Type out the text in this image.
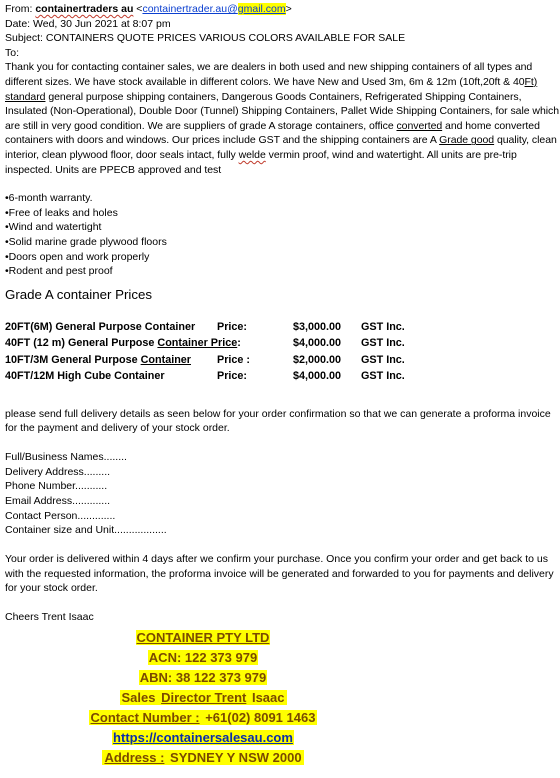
From: containertraders au <containertrader.au@gmail.com>
Date: Wed, 30 Jun 2021 at 8:07 pm
Subject: CONTAINERS QUOTE PRICES VARIOUS COLORS AVAILABLE FOR SALE
To:

Thank you for contacting container sales, we are dealers in both used and new shipping containers of all types and different sizes. We have stock available in different colors. We have New and Used 3m, 6m & 12m (10ft,20ft & 40Ft) standard general purpose shipping containers, Dangerous Goods Containers, Refrigerated Shipping Containers, Insulated (Non-Operational), Double Door (Tunnel) Shipping Containers, Pallet Wide Shipping Containers, for sale which are still in very good condition. We are suppliers of grade A storage containers, office converted and home converted containers with doors and windows. Our prices include GST and the shipping containers are A Grade good quality, clean interior, clean plywood floor, door seals intact, fully welde vermin proof, wind and watertight. All units are pre-trip inspected. Units are PPECB approved and test

•6-month warranty.
•Free of leaks and holes
•Wind and watertight
•Solid marine grade plywood floors
•Doors open and work properly
•Rodent and pest proof
Grade A container Prices
20FT(6M) General Purpose Container	Price:	$3,000.00	GST Inc.
40FT (12 m) General Purpose Container Price:		$4,000.00	GST Inc.
10FT/3M General Purpose Container	Price :	$2,000.00	GST Inc.
40FT/12M High Cube Container	Price:	$4,000.00	GST Inc.

please send full delivery details as seen below for your order confirmation so that we can generate a proforma invoice for the payment and delivery of your stock order.

Full/Business Names........
Delivery Address.........
Phone Number...........
Email Address.............
Contact Person.............
Container size and Unit..................

Your order is delivered within 4 days after we confirm your purchase. Once you confirm your order and get back to us with the requested information, the proforma invoice will be generated and forwarded to you for payments and delivery for your stock order.

Cheers Trent Isaac

CONTAINER PTY LTD
ACN: 122 373 979
ABN: 38 122 373 979
Sales Director Trent Isaac
Contact Number : +61(02) 8091 1463
https://containersalesau.com
Address : SYDNEY Y NSW 2000
